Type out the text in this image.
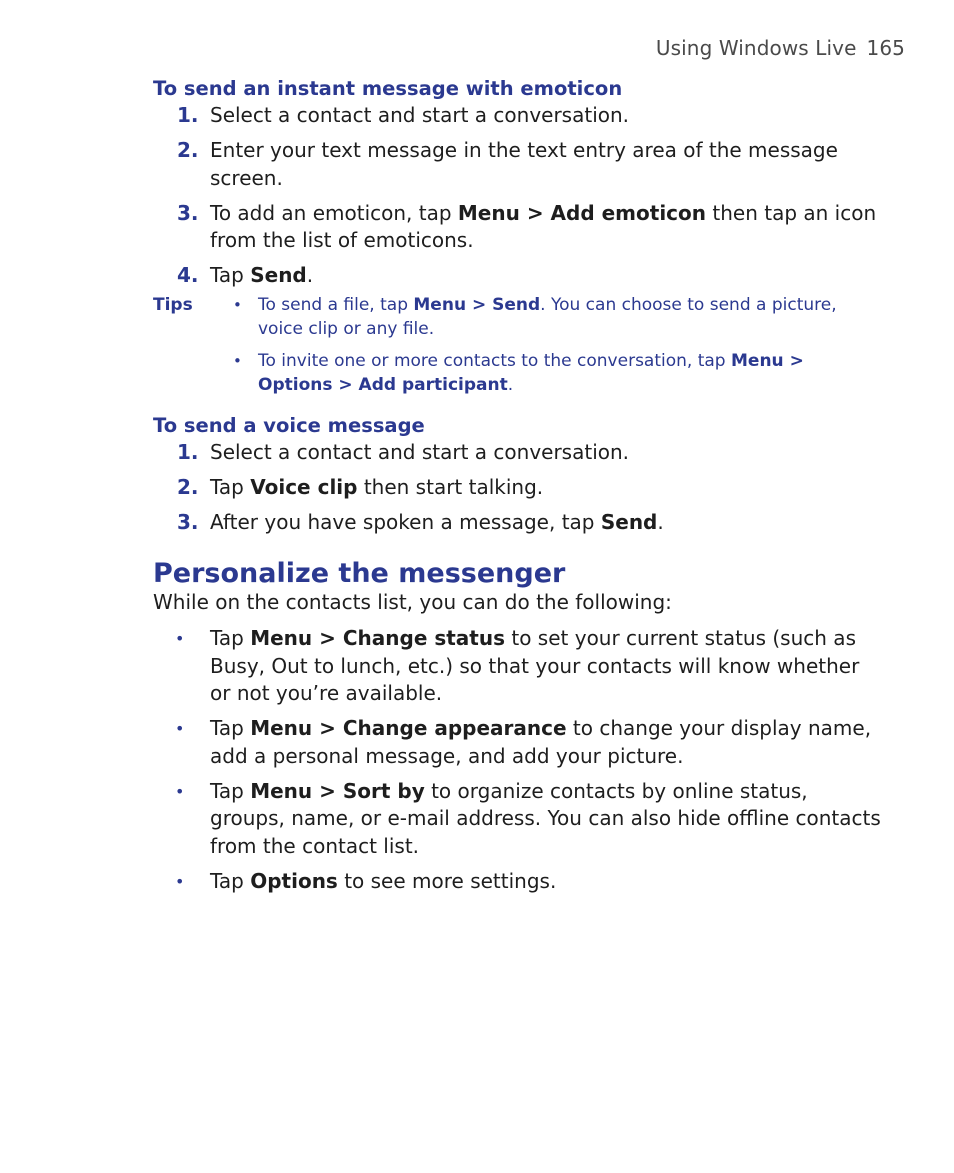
Using Windows Live 165
To send an instant message with emoticon
1. Select a contact and start a conversation.
2. Enter your text message in the text entry area of the message screen.
3. To add an emoticon, tap Menu > Add emoticon then tap an icon from the list of emoticons.
4. Tap Send.
Tips	• To send a file, tap Menu > Send. You can choose to send a picture, voice clip or any file.
• To invite one or more contacts to the conversation, tap Menu > Options > Add participant.
To send a voice message
1. Select a contact and start a conversation.
2. Tap Voice clip then start talking.
3. After you have spoken a message, tap Send.
Personalize the messenger
While on the contacts list, you can do the following:
• Tap Menu > Change status to set your current status (such as Busy, Out to lunch, etc.) so that your contacts will know whether or not you’re available.
• Tap Menu > Change appearance to change your display name, add a personal message, and add your picture.
• Tap Menu > Sort by to organize contacts by online status, groups, name, or e-mail address. You can also hide offline contacts from the contact list.
• Tap Options to see more settings.
